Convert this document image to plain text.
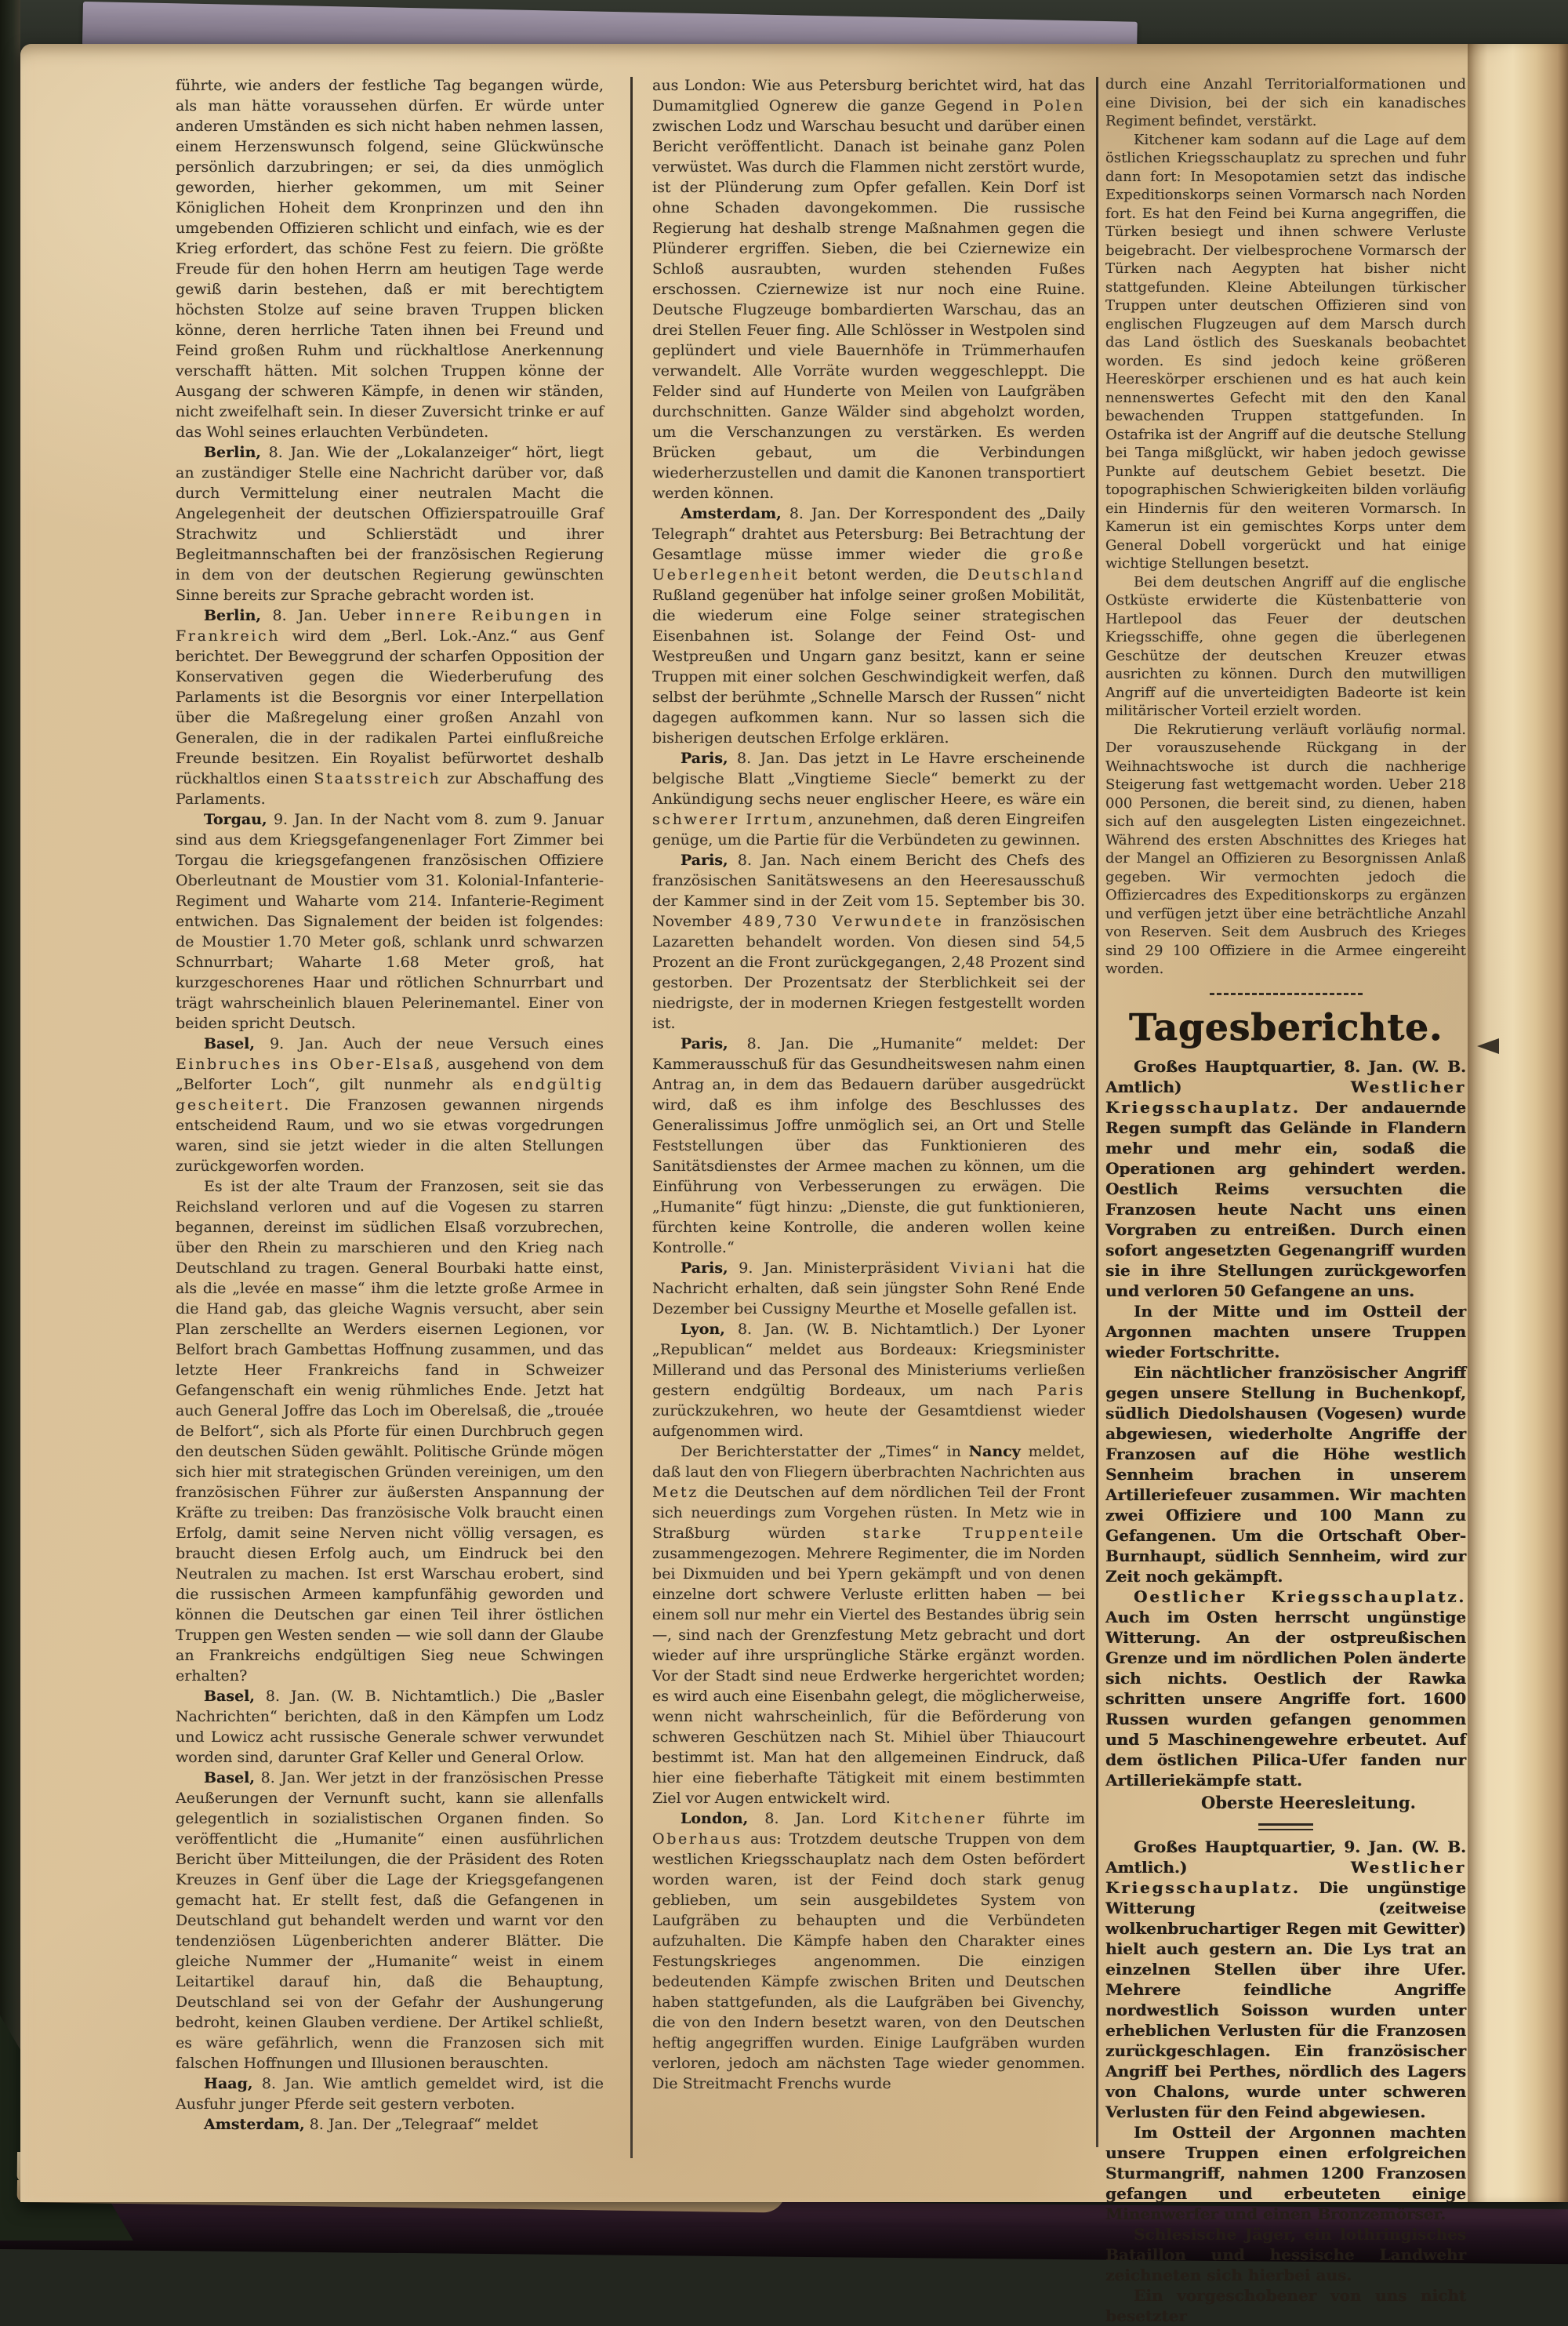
führte, wie anders der festliche Tag begangen würde, als man hätte voraussehen dürfen. Er würde unter anderen Umständen es sich nicht haben nehmen lassen, einem Herzenswunsch folgend, seine Glückwünsche persönlich darzubringen; er sei, da dies unmöglich geworden, hierher gekommen, um mit Seiner Königlichen Hoheit dem Kronprinzen und den ihn umgebenden Offizieren schlicht und einfach, wie es der Krieg erfordert, das schöne Fest zu feiern. Die größte Freude für den hohen Herrn am heutigen Tage werde gewiß darin bestehen, daß er mit berechtigtem höchsten Stolze auf seine braven Truppen blicken könne, deren herrliche Taten ihnen bei Freund und Feind großen Ruhm und rückhaltlose Anerkennung verschafft hätten. Mit solchen Truppen könne der Ausgang der schweren Kämpfe, in denen wir ständen, nicht zweifelhaft sein. In dieser Zuversicht trinke er auf das Wohl seines erlauchten Verbündeten.

Berlin, 8. Jan. Wie der „Lokalanzeiger“ hört, liegt an zuständiger Stelle eine Nachricht darüber vor, daß durch Vermittelung einer neutralen Macht die Angelegenheit der deutschen Offizierspatrouille Graf Strachwitz und Schlierstädt und ihrer Begleitmannschaften bei der französischen Regierung in dem von der deutschen Regierung gewünschten Sinne bereits zur Sprache gebracht worden ist.

Berlin, 8. Jan. Ueber innere Reibungen in Frankreich wird dem „Berl. Lok.-Anz.“ aus Genf berichtet. Der Beweggrund der scharfen Opposition der Konservativen gegen die Wiederberufung des Parlaments ist die Besorgnis vor einer Interpellation über die Maßregelung einer großen Anzahl von Generalen, die in der radikalen Partei einflußreiche Freunde besitzen. Ein Royalist befürwortet deshalb rückhaltlos einen Staatsstreich zur Abschaffung des Parlaments.

Torgau, 9. Jan. In der Nacht vom 8. zum 9. Januar sind aus dem Kriegsgefangenenlager Fort Zimmer bei Torgau die kriegsgefangenen französischen Offiziere Oberleutnant de Moustier vom 31. Kolonial-Infanterie-Regiment und Waharte vom 214. Infanterie-Regiment entwichen. Das Signalement der beiden ist folgendes: de Moustier 1.70 Meter goß, schlank unrd schwarzen Schnurrbart; Waharte 1.68 Meter groß, hat kurzgeschorenes Haar und rötlichen Schnurrbart und trägt wahrscheinlich blauen Pelerinemantel. Einer von beiden spricht Deutsch.

Basel, 9. Jan. Auch der neue Versuch eines Einbruches ins Ober-Elsaß, ausgehend von dem „Belforter Loch“, gilt nunmehr als endgültig gescheitert. Die Franzosen gewannen nirgends entscheidend Raum, und wo sie etwas vorgedrungen waren, sind sie jetzt wieder in die alten Stellungen zurückgeworfen worden.

Es ist der alte Traum der Franzosen, seit sie das Reichsland verloren und auf die Vogesen zu starren begannen, dereinst im südlichen Elsaß vorzubrechen, über den Rhein zu marschieren und den Krieg nach Deutschland zu tragen. General Bourbaki hatte einst, als die „levée en masse“ ihm die letzte große Armee in die Hand gab, das gleiche Wagnis versucht, aber sein Plan zerschellte an Werders eisernen Legionen, vor Belfort brach Gambettas Hoffnung zusammen, und das letzte Heer Frankreichs fand in Schweizer Gefangenschaft ein wenig rühmliches Ende. Jetzt hat auch General Joffre das Loch im Oberelsaß, die „trouée de Belfort“, sich als Pforte für einen Durchbruch gegen den deutschen Süden gewählt. Politische Gründe mögen sich hier mit strategischen Gründen vereinigen, um den französischen Führer zur äußersten Anspannung der Kräfte zu treiben: Das französische Volk braucht einen Erfolg, damit seine Nerven nicht völlig versagen, es braucht diesen Erfolg auch, um Eindruck bei den Neutralen zu machen. Ist erst Warschau erobert, sind die russischen Armeen kampfunfähig geworden und können die Deutschen gar einen Teil ihrer östlichen Truppen gen Westen senden — wie soll dann der Glaube an Frankreichs endgültigen Sieg neue Schwingen erhalten?

Basel, 8. Jan. (W. B. Nichtamtlich.) Die „Basler Nachrichten“ berichten, daß in den Kämpfen um Lodz und Lowicz acht russische Generale schwer verwundet worden sind, darunter Graf Keller und General Orlow.

Basel, 8. Jan. Wer jetzt in der französischen Presse Aeußerungen der Vernunft sucht, kann sie allenfalls gelegentlich in sozialistischen Organen finden. So veröffentlicht die „Humanite“ einen ausführlichen Bericht über Mitteilungen, die der Präsident des Roten Kreuzes in Genf über die Lage der Kriegsgefangenen gemacht hat. Er stellt fest, daß die Gefangenen in Deutschland gut behandelt werden und warnt vor den tendenziösen Lügenberichten anderer Blätter. Die gleiche Nummer der „Humanite“ weist in einem Leitartikel darauf hin, daß die Behauptung, Deutschland sei von der Gefahr der Aushungerung bedroht, keinen Glauben verdiene. Der Artikel schließt, es wäre gefährlich, wenn die Franzosen sich mit falschen Hoffnungen und Illusionen berauschten.

Haag, 8. Jan. Wie amtlich gemeldet wird, ist die Ausfuhr junger Pferde seit gestern verboten.

Amsterdam, 8. Jan. Der „Telegraaf“ meldet

aus London: Wie aus Petersburg berichtet wird, hat das Dumamitglied Ognerew die ganze Gegend in Polen zwischen Lodz und Warschau besucht und darüber einen Bericht veröffentlicht. Danach ist beinahe ganz Polen verwüstet. Was durch die Flammen nicht zerstört wurde, ist der Plünderung zum Opfer gefallen. Kein Dorf ist ohne Schaden davongekommen. Die russische Regierung hat deshalb strenge Maßnahmen gegen die Plünderer ergriffen. Sieben, die bei Cziernewize ein Schloß ausraubten, wurden stehenden Fußes erschossen. Cziernewize ist nur noch eine Ruine. Deutsche Flugzeuge bombardierten Warschau, das an drei Stellen Feuer fing. Alle Schlösser in Westpolen sind geplündert und viele Bauernhöfe in Trümmerhaufen verwandelt. Alle Vorräte wurden weggeschleppt. Die Felder sind auf Hunderte von Meilen von Laufgräben durchschnitten. Ganze Wälder sind abgeholzt worden, um die Verschanzungen zu verstärken. Es werden Brücken gebaut, um die Verbindungen wiederherzustellen und damit die Kanonen transportiert werden können.

Amsterdam, 8. Jan. Der Korrespondent des „Daily Telegraph“ drahtet aus Petersburg: Bei Betrachtung der Gesamtlage müsse immer wieder die große Ueberlegenheit betont werden, die Deutschland Rußland gegenüber hat infolge seiner großen Mobilität, die wiederum eine Folge seiner strategischen Eisenbahnen ist. Solange der Feind Ost- und Westpreußen und Ungarn ganz besitzt, kann er seine Truppen mit einer solchen Geschwindigkeit werfen, daß selbst der berühmte „Schnelle Marsch der Russen“ nicht dagegen aufkommen kann. Nur so lassen sich die bisherigen deutschen Erfolge erklären.

Paris, 8. Jan. Das jetzt in Le Havre erscheinende belgische Blatt „Vingtieme Siecle“ bemerkt zu der Ankündigung sechs neuer englischer Heere, es wäre ein schwerer Irrtum, anzunehmen, daß deren Eingreifen genüge, um die Partie für die Verbündeten zu gewinnen.

Paris, 8. Jan. Nach einem Bericht des Chefs des französischen Sanitätswesens an den Heeresausschuß der Kammer sind in der Zeit vom 15. September bis 30. November 489,730 Verwundete in französischen Lazaretten behandelt worden. Von diesen sind 54,5 Prozent an die Front zurückgegangen, 2,48 Prozent sind gestorben. Der Prozentsatz der Sterblichkeit sei der niedrigste, der in modernen Kriegen festgestellt worden ist.

Paris, 8. Jan. Die „Humanite“ meldet: Der Kammerausschuß für das Gesundheitswesen nahm einen Antrag an, in dem das Bedauern darüber ausgedrückt wird, daß es ihm infolge des Beschlusses des Generalissimus Joffre unmöglich sei, an Ort und Stelle Feststellungen über das Funktionieren des Sanitätsdienstes der Armee machen zu können, um die Einführung von Verbesserungen zu erwägen. Die „Humanite“ fügt hinzu: „Dienste, die gut funktionieren, fürchten keine Kontrolle, die anderen wollen keine Kontrolle.“

Paris, 9. Jan. Ministerpräsident Viviani hat die Nachricht erhalten, daß sein jüngster Sohn René Ende Dezember bei Cussigny Meurthe et Moselle gefallen ist.

Lyon, 8. Jan. (W. B. Nichtamtlich.) Der Lyoner „Republican“ meldet aus Bordeaux: Kriegsminister Millerand und das Personal des Ministeriums verließen gestern endgültig Bordeaux, um nach Paris zurückzukehren, wo heute der Gesamtdienst wieder aufgenommen wird.

Der Berichterstatter der „Times“ in Nancy meldet, daß laut den von Fliegern überbrachten Nachrichten aus Metz die Deutschen auf dem nördlichen Teil der Front sich neuerdings zum Vorgehen rüsten. In Metz wie in Straßburg würden starke Truppenteile zusammengezogen. Mehrere Regimenter, die im Norden bei Dixmuiden und bei Ypern gekämpft und von denen einzelne dort schwere Verluste erlitten haben — bei einem soll nur mehr ein Viertel des Bestandes übrig sein—, sind nach der Grenzfestung Metz gebracht und dort wieder auf ihre ursprüngliche Stärke ergänzt worden. Vor der Stadt sind neue Erdwerke hergerichtet worden; es wird auch eine Eisenbahn gelegt, die möglicherweise, wenn nicht wahrscheinlich, für die Beförderung von schweren Geschützen nach St. Mihiel über Thiaucourt bestimmt ist. Man hat den allgemeinen Eindruck, daß hier eine fieberhafte Tätigkeit mit einem bestimmten Ziel vor Augen entwickelt wird.

London, 8. Jan. Lord Kitchener führte im Oberhaus aus: Trotzdem deutsche Truppen von dem westlichen Kriegsschauplatz nach dem Osten befördert worden waren, ist der Feind doch stark genug geblieben, um sein ausgebildetes System von Laufgräben zu behaupten und die Verbündeten aufzuhalten. Die Kämpfe haben den Charakter eines Festungskrieges angenommen. Die einzigen bedeutenden Kämpfe zwischen Briten und Deutschen haben stattgefunden, als die Laufgräben bei Givenchy, die von den Indern besetzt waren, von den Deutschen heftig angegriffen wurden. Einige Laufgräben wurden verloren, jedoch am nächsten Tage wieder genommen. Die Streitmacht Frenchs wurde

durch eine Anzahl Territorialformationen und eine Division, bei der sich ein kanadisches Regiment befindet, verstärkt.

Kitchener kam sodann auf die Lage auf dem östlichen Kriegsschauplatz zu sprechen und fuhr dann fort: In Mesopotamien setzt das indische Expeditionskorps seinen Vormarsch nach Norden fort. Es hat den Feind bei Kurna angegriffen, die Türken besiegt und ihnen schwere Verluste beigebracht. Der vielbesprochene Vormarsch der Türken nach Aegypten hat bisher nicht stattgefunden. Kleine Abteilungen türkischer Truppen unter deutschen Offizieren sind von englischen Flugzeugen auf dem Marsch durch das Land östlich des Sueskanals beobachtet worden. Es sind jedoch keine größeren Heereskörper erschienen und es hat auch kein nennenswertes Gefecht mit den den Kanal bewachenden Truppen stattgefunden. In Ostafrika ist der Angriff auf die deutsche Stellung bei Tanga mißglückt, wir haben jedoch gewisse Punkte auf deutschem Gebiet besetzt. Die topographischen Schwierigkeiten bilden vorläufig ein Hindernis für den weiteren Vormarsch. In Kamerun ist ein gemischtes Korps unter dem General Dobell vorgerückt und hat einige wichtige Stellungen besetzt.

Bei dem deutschen Angriff auf die englische Ostküste erwiderte die Küstenbatterie von Hartlepool das Feuer der deutschen Kriegsschiffe, ohne gegen die überlegenen Geschütze der deutschen Kreuzer etwas ausrichten zu können. Durch den mutwilligen Angriff auf die unverteidigten Badeorte ist kein militärischer Vorteil erzielt worden.

Die Rekrutierung verläuft vorläufig normal. Der vorauszusehende Rückgang in der Weihnachtswoche ist durch die nachherige Steigerung fast wettgemacht worden. Ueber 218 000 Personen, die bereit sind, zu dienen, haben sich auf den ausgelegten Listen eingezeichnet. Während des ersten Abschnittes des Krieges hat der Mangel an Offizieren zu Besorgnissen Anlaß gegeben. Wir vermochten jedoch die Offiziercadres des Expeditionskorps zu ergänzen und verfügen jetzt über eine beträchtliche Anzahl von Reserven. Seit dem Ausbruch des Krieges sind 29 100 Offiziere in die Armee eingereiht worden.

Tagesberichte.

Großes Hauptquartier, 8. Jan. (W. B. Amtlich) Westlicher Kriegsschauplatz. Der andauernde Regen sumpft das Gelände in Flandern mehr und mehr ein, sodaß die Operationen arg gehindert werden. Oestlich Reims versuchten die Franzosen heute Nacht uns einen Vorgraben zu entreißen. Durch einen sofort angesetzten Gegenangriff wurden sie in ihre Stellungen zurückgeworfen und verloren 50 Gefangene an uns.

In der Mitte und im Ostteil der Argonnen machten unsere Truppen wieder Fortschritte.

Ein nächtlicher französischer Angriff gegen unsere Stellung in Buchenkopf, südlich Diedolshausen (Vogesen) wurde abgewiesen, wiederholte Angriffe der Franzosen auf die Höhe westlich Sennheim brachen in unserem Artilleriefeuer zusammen. Wir machten zwei Offiziere und 100 Mann zu Gefangenen. Um die Ortschaft Ober-Burnhaupt, südlich Sennheim, wird zur Zeit noch gekämpft.

Oestlicher Kriegsschauplatz. Auch im Osten herrscht ungünstige Witterung. An der ostpreußischen Grenze und im nördlichen Polen änderte sich nichts. Oestlich der Rawka schritten unsere Angriffe fort. 1600 Russen wurden gefangen genommen und 5 Maschinengewehre erbeutet. Auf dem östlichen Pilica-Ufer fanden nur Artilleriekämpfe statt.

Oberste Heeresleitung.

Großes Hauptquartier, 9. Jan. (W. B. Amtlich.) Westlicher Kriegsschauplatz. Die ungünstige Witterung (zeitweise wolkenbruchartiger Regen mit Gewitter) hielt auch gestern an. Die Lys trat an einzelnen Stellen über ihre Ufer. Mehrere feindliche Angriffe nordwestlich Soisson wurden unter erheblichen Verlusten für die Franzosen zurückgeschlagen. Ein französischer Angriff bei Perthes, nördlich des Lagers von Chalons, wurde unter schweren Verlusten für den Feind abgewiesen.

Im Ostteil der Argonnen machten unsere Truppen einen erfolgreichen Sturmangriff, nahmen 1200 Franzosen gefangen und erbeuteten einige Minenwerfer und einen Bronzemörser.

Schlesische Jäger, ein lothringisches Bataillon und hessische Landwehr zeichneten sich hierbei aus.

Ein vorgeschobener von uns nicht besetzter
